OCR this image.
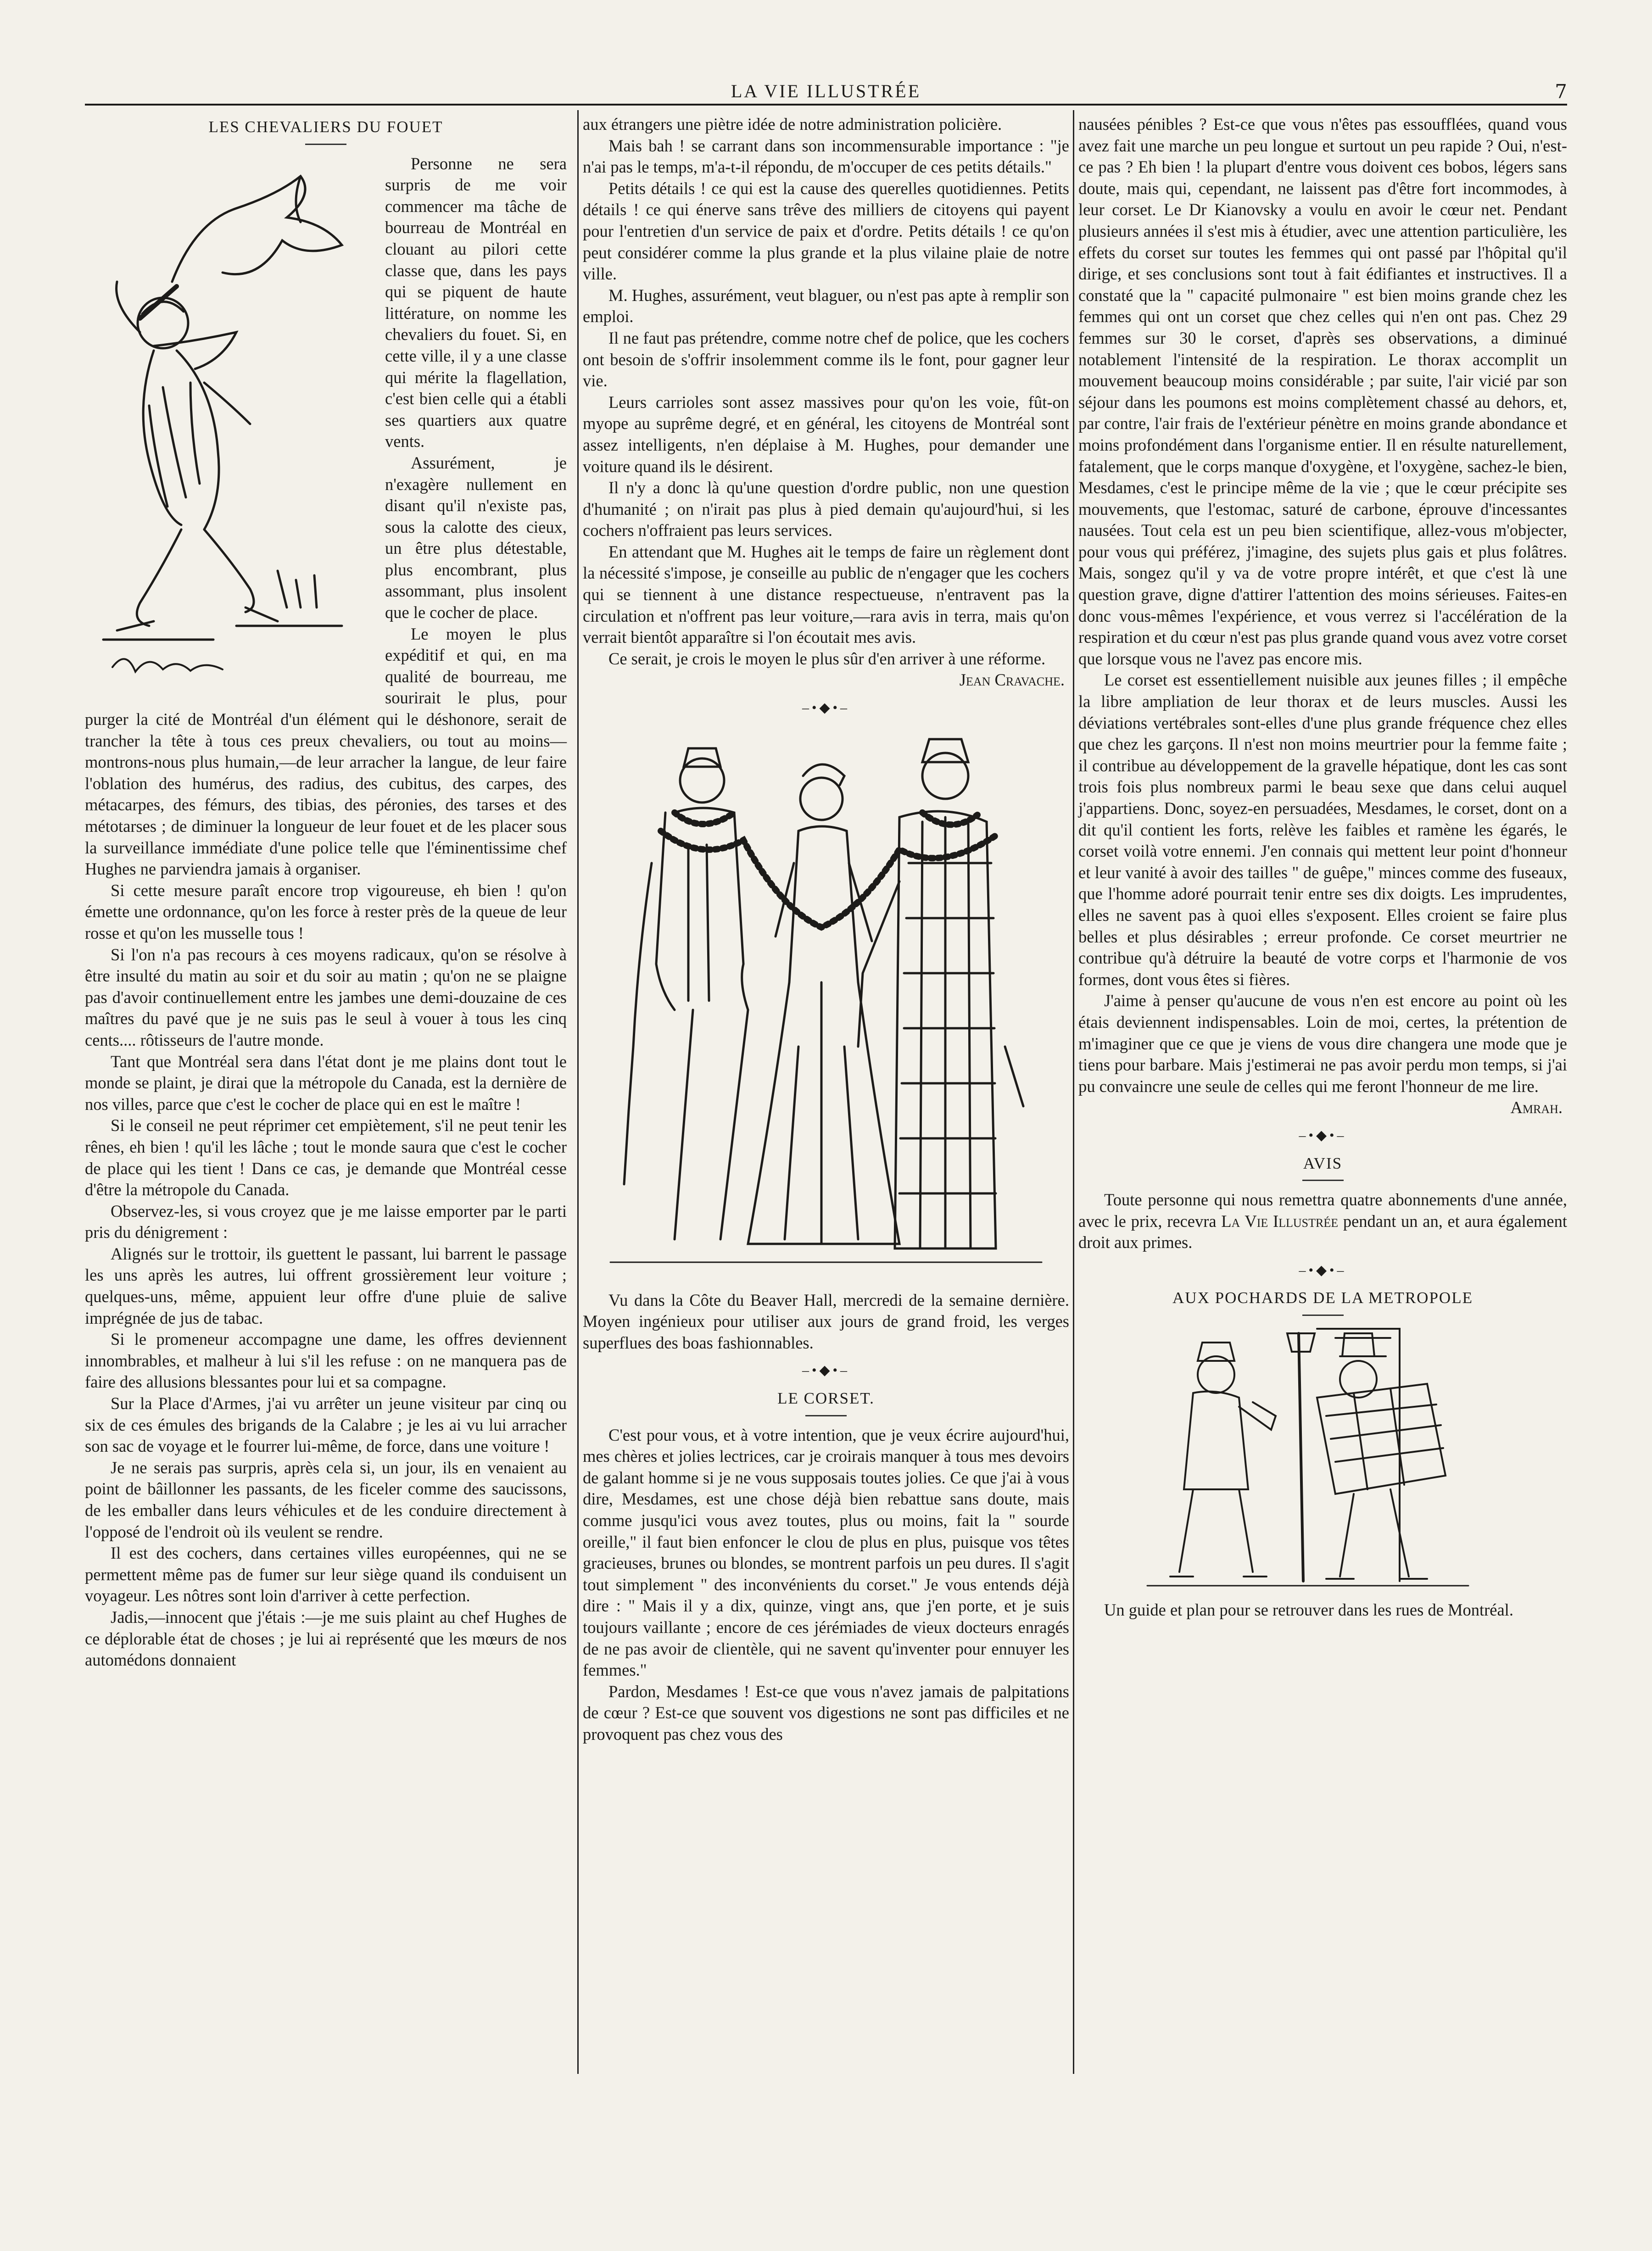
LA VIE ILLUSTRÉE	7
LES CHEVALIERS DU FOUET

Personne ne sera surpris de me voir commencer ma tâche de bourreau de Montréal en clouant au pilori cette classe que, dans les pays qui se piquent de haute littérature, on nomme les chevaliers du fouet. Si, en cette ville, il y a une classe qui mérite la flagellation, c'est bien celle qui a établi ses quartiers aux quatre vents.

Assurément, je n'exagère nullement en disant qu'il n'existe pas, sous la calotte des cieux, un être plus détestable, plus encombrant, plus assommant, plus insolent que le cocher de place.

Le moyen le plus expéditif et qui, en ma qualité de bourreau, me sourirait le plus, pour purger la cité de Montréal d'un élément qui le déshonore, serait de trancher la tête à tous ces preux chevaliers, ou tout au moins—montrons-nous plus humain,—de leur arracher la langue, de leur faire l'oblation des humérus, des radius, des cubitus, des carpes, des métacarpes, des fémurs, des tibias, des péronies, des tarses et des métotarses ; de diminuer la longueur de leur fouet et de les placer sous la surveillance immédiate d'une police telle que l'éminentissime chef Hughes ne parviendra jamais à organiser.

Si cette mesure paraît encore trop vigoureuse, eh bien ! qu'on émette une ordonnance, qu'on les force à rester près de la queue de leur rosse et qu'on les musselle tous !

Si l'on n'a pas recours à ces moyens radicaux, qu'on se résolve à être insulté du matin au soir et du soir au matin ; qu'on ne se plaigne pas d'avoir continuellement entre les jambes une demi-douzaine de ces maîtres du pavé que je ne suis pas le seul à vouer à tous les cinq cents.... rôtisseurs de l'autre monde.

Tant que Montréal sera dans l'état dont je me plains dont tout le monde se plaint, je dirai que la métropole du Canada, est la dernière de nos villes, parce que c'est le cocher de place qui en est le maître !

Si le conseil ne peut réprimer cet empiètement, s'il ne peut tenir les rênes, eh bien ! qu'il les lâche ; tout le monde saura que c'est le cocher de place qui les tient ! Dans ce cas, je demande que Montréal cesse d'être la métropole du Canada.

Observez-les, si vous croyez que je me laisse emporter par le parti pris du dénigrement :

Alignés sur le trottoir, ils guettent le passant, lui barrent le passage les uns après les autres, lui offrent grossièrement leur voiture ; quelques-uns, même, appuient leur offre d'une pluie de salive imprégnée de jus de tabac.

Si le promeneur accompagne une dame, les offres deviennent innombrables, et malheur à lui s'il les refuse : on ne manquera pas de faire des allusions blessantes pour lui et sa compagne.

Sur la Place d'Armes, j'ai vu arrêter un jeune visiteur par cinq ou six de ces émules des brigands de la Calabre ; je les ai vu lui arracher son sac de voyage et le fourrer lui-même, de force, dans une voiture !

Je ne serais pas surpris, après cela si, un jour, ils en venaient au point de bâillonner les passants, de les ficeler comme des saucissons, de les emballer dans leurs véhicules et de les conduire directement à l'opposé de l'endroit où ils veulent se rendre.

Il est des cochers, dans certaines villes européennes, qui ne se permettent même pas de fumer sur leur siège quand ils conduisent un voyageur. Les nôtres sont loin d'arriver à cette perfection.

Jadis,—innocent que j'étais :—je me suis plaint au chef Hughes de ce déplorable état de choses ; je lui ai représenté que les mœurs de nos automédons donnaient

aux étrangers une piètre idée de notre administration policière.

Mais bah ! se carrant dans son incommensurable importance : "je n'ai pas le temps, m'a-t-il répondu, de m'occuper de ces petits détails."

Petits détails ! ce qui est la cause des querelles quotidiennes. Petits détails ! ce qui énerve sans trêve des milliers de citoyens qui payent pour l'entretien d'un service de paix et d'ordre. Petits détails ! ce qu'on peut considérer comme la plus grande et la plus vilaine plaie de notre ville.

M. Hughes, assurément, veut blaguer, ou n'est pas apte à remplir son emploi.

Il ne faut pas prétendre, comme notre chef de police, que les cochers ont besoin de s'offrir insolemment comme ils le font, pour gagner leur vie.

Leurs carrioles sont assez massives pour qu'on les voie, fût-on myope au suprême degré, et en général, les citoyens de Montréal sont assez intelligents, n'en déplaise à M. Hughes, pour demander une voiture quand ils le désirent.

Il n'y a donc là qu'une question d'ordre public, non une question d'humanité ; on n'irait pas plus à pied demain qu'aujourd'hui, si les cochers n'offraient pas leurs services.

En attendant que M. Hughes ait le temps de faire un règlement dont la nécessité s'impose, je conseille au public de n'engager que les cochers qui se tiennent à une distance respectueuse, n'entravent pas la circulation et n'offrent pas leur voiture,—rara avis in terra, mais qu'on verrait bientôt apparaître si l'on écoutait mes avis.

Ce serait, je crois le moyen le plus sûr d'en arriver à une réforme.

Jean Cravache.

–•◆•–

Vu dans la Côte du Beaver Hall, mercredi de la semaine dernière. Moyen ingénieux pour utiliser aux jours de grand froid, les verges superflues des boas fashionnables.

–•◆•–
LE CORSET.

C'est pour vous, et à votre intention, que je veux écrire aujourd'hui, mes chères et jolies lectrices, car je croirais manquer à tous mes devoirs de galant homme si je ne vous supposais toutes jolies. Ce que j'ai à vous dire, Mesdames, est une chose déjà bien rebattue sans doute, mais comme jusqu'ici vous avez toutes, plus ou moins, fait la " sourde oreille," il faut bien enfoncer le clou de plus en plus, puisque vos têtes gracieuses, brunes ou blondes, se montrent parfois un peu dures. Il s'agit tout simplement " des inconvénients du corset." Je vous entends déjà dire : " Mais il y a dix, quinze, vingt ans, que j'en porte, et je suis toujours vaillante ; encore de ces jérémiades de vieux docteurs enragés de ne pas avoir de clientèle, qui ne savent qu'inventer pour ennuyer les femmes."

Pardon, Mesdames ! Est-ce que vous n'avez jamais de palpitations de cœur ? Est-ce que souvent vos digestions ne sont pas difficiles et ne provoquent pas chez vous des

nausées pénibles ? Est-ce que vous n'êtes pas essoufflées, quand vous avez fait une marche un peu longue et surtout un peu rapide ? Oui, n'est-ce pas ? Eh bien ! la plupart d'entre vous doivent ces bobos, légers sans doute, mais qui, cependant, ne laissent pas d'être fort incommodes, à leur corset. Le Dr Kianovsky a voulu en avoir le cœur net. Pendant plusieurs années il s'est mis à étudier, avec une attention particulière, les effets du corset sur toutes les femmes qui ont passé par l'hôpital qu'il dirige, et ses conclusions sont tout à fait édifiantes et instructives. Il a constaté que la " capacité pulmonaire " est bien moins grande chez les femmes qui ont un corset que chez celles qui n'en ont pas. Chez 29 femmes sur 30 le corset, d'après ses observations, a diminué notablement l'intensité de la respiration. Le thorax accomplit un mouvement beaucoup moins considérable ; par suite, l'air vicié par son séjour dans les poumons est moins complètement chassé au dehors, et, par contre, l'air frais de l'extérieur pénètre en moins grande abondance et moins profondément dans l'organisme entier. Il en résulte naturellement, fatalement, que le corps manque d'oxygène, et l'oxygène, sachez-le bien, Mesdames, c'est le principe même de la vie ; que le cœur précipite ses mouvements, que l'estomac, saturé de carbone, éprouve d'incessantes nausées. Tout cela est un peu bien scientifique, allez-vous m'objecter, pour vous qui préférez, j'imagine, des sujets plus gais et plus folâtres. Mais, songez qu'il y va de votre propre intérêt, et que c'est là une question grave, digne d'attirer l'attention des moins sérieuses. Faites-en donc vous-mêmes l'expérience, et vous verrez si l'accélération de la respiration et du cœur n'est pas plus grande quand vous avez votre corset que lorsque vous ne l'avez pas encore mis.

Le corset est essentiellement nuisible aux jeunes filles ; il empêche la libre ampliation de leur thorax et de leurs muscles. Aussi les déviations vertébrales sont-elles d'une plus grande fréquence chez elles que chez les garçons. Il n'est non moins meurtrier pour la femme faite ; il contribue au développement de la gravelle hépatique, dont les cas sont trois fois plus nombreux parmi le beau sexe que dans celui auquel j'appartiens. Donc, soyez-en persuadées, Mesdames, le corset, dont on a dit qu'il contient les forts, relève les faibles et ramène les égarés, le corset voilà votre ennemi. J'en connais qui mettent leur point d'honneur et leur vanité à avoir des tailles " de guêpe," minces comme des fuseaux, que l'homme adoré pourrait tenir entre ses dix doigts. Les imprudentes, elles ne savent pas à quoi elles s'exposent. Elles croient se faire plus belles et plus désirables ; erreur profonde. Ce corset meurtrier ne contribue qu'à détruire la beauté de votre corps et l'harmonie de vos formes, dont vous êtes si fières.

J'aime à penser qu'aucune de vous n'en est encore au point où les étais deviennent indispensables. Loin de moi, certes, la prétention de m'imaginer que ce que je viens de vous dire changera une mode que je tiens pour barbare. Mais j'estimerai ne pas avoir perdu mon temps, si j'ai pu convaincre une seule de celles qui me feront l'honneur de me lire.

Amrah.

–•◆•–
AVIS

Toute personne qui nous remettra quatre abonnements d'une année, avec le prix, recevra La Vie Illustrée pendant un an, et aura également droit aux primes.

–•◆•–
AUX POCHARDS DE LA METROPOLE

Un guide et plan pour se retrouver dans les rues de Montréal.
